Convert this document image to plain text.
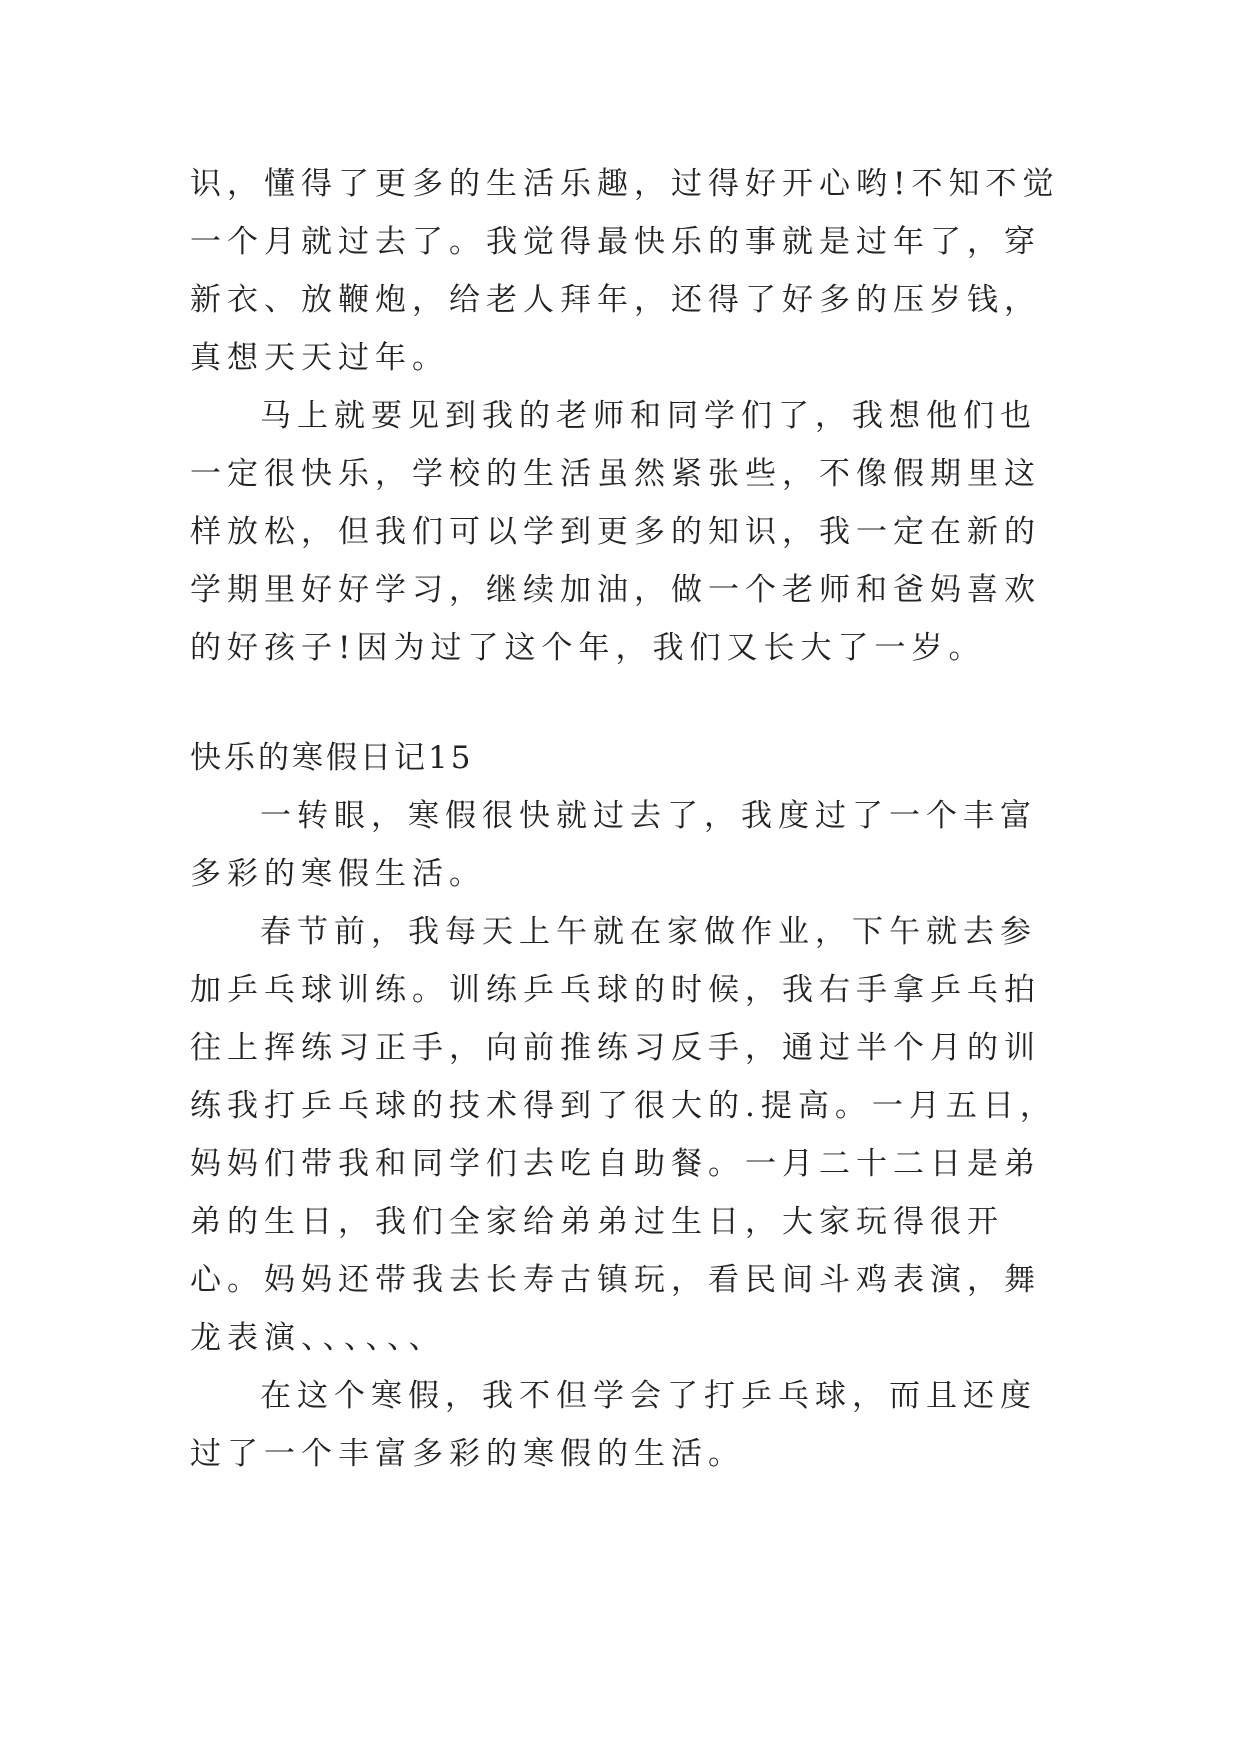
识，懂得了更多的生活乐趣，过得好开心哟!不知不觉一个月就过去了。我觉得最快乐的事就是过年了，穿新衣、放鞭炮，给老人拜年，还得了好多的压岁钱，真想天天过年。

马上就要见到我的老师和同学们了，我想他们也一定很快乐，学校的生活虽然紧张些，不像假期里这样放松，但我们可以学到更多的知识，我一定在新的学期里好好学习，继续加油，做一个老师和爸妈喜欢的好孩子!因为过了这个年，我们又长大了一岁。

快乐的寒假日记15

一转眼，寒假很快就过去了，我度过了一个丰富多彩的寒假生活。

春节前，我每天上午就在家做作业，下午就去参加乒乓球训练。训练乒乓球的时候，我右手拿乒乓拍往上挥练习正手，向前推练习反手，通过半个月的训练我打乒乓球的技术得到了很大的.提高。一月五日，妈妈们带我和同学们去吃自助餐。一月二十二日是弟弟的生日，我们全家给弟弟过生日，大家玩得很开心。妈妈还带我去长寿古镇玩，看民间斗鸡表演，舞龙表演、、、、、、

在这个寒假，我不但学会了打乒乓球，而且还度过了一个丰富多彩的寒假的生活。
